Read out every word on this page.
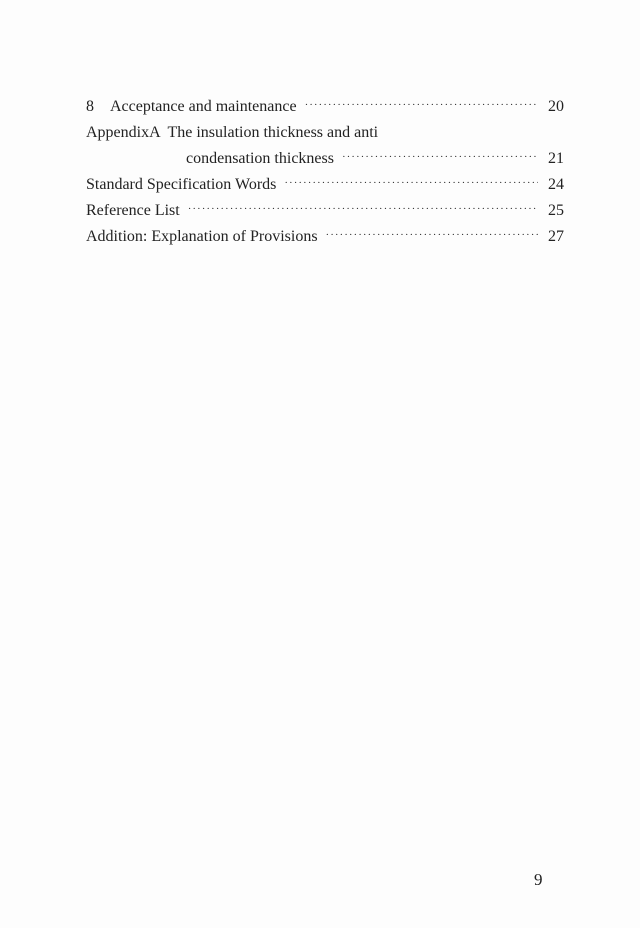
8 Acceptance and maintenance ·····	20
AppendixA  The insulation thickness and anti
condensation thickness ·····	21
Standard Specification Words ·····	24
Reference List ·····	25
Addition: Explanation of Provisions ·····	27
9
